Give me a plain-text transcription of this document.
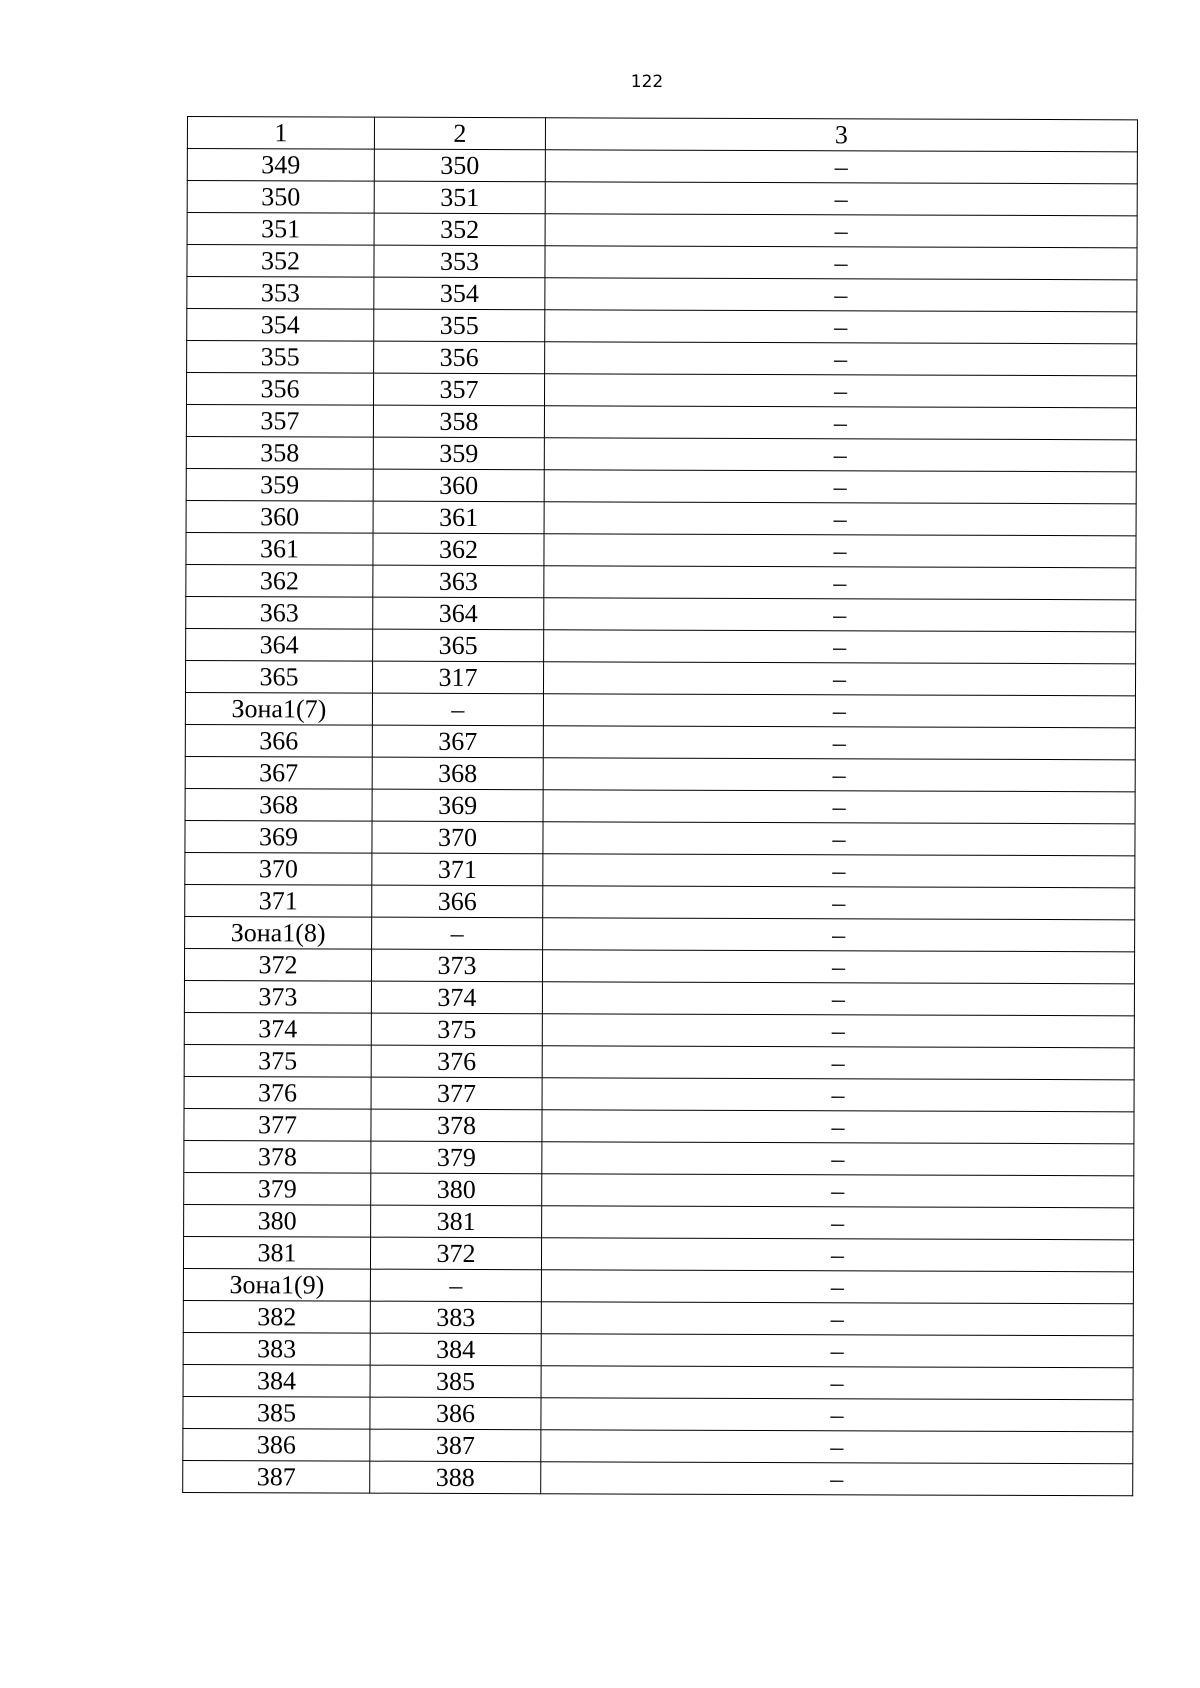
122
1	2	3
349	350	–
350	351	–
351	352	–
352	353	–
353	354	–
354	355	–
355	356	–
356	357	–
357	358	–
358	359	–
359	360	–
360	361	–
361	362	–
362	363	–
363	364	–
364	365	–
365	317	–
Зона1(7)	–	–
366	367	–
367	368	–
368	369	–
369	370	–
370	371	–
371	366	–
Зона1(8)	–	–
372	373	–
373	374	–
374	375	–
375	376	–
376	377	–
377	378	–
378	379	–
379	380	–
380	381	–
381	372	–
Зона1(9)	–	–
382	383	–
383	384	–
384	385	–
385	386	–
386	387	–
387	388	–
